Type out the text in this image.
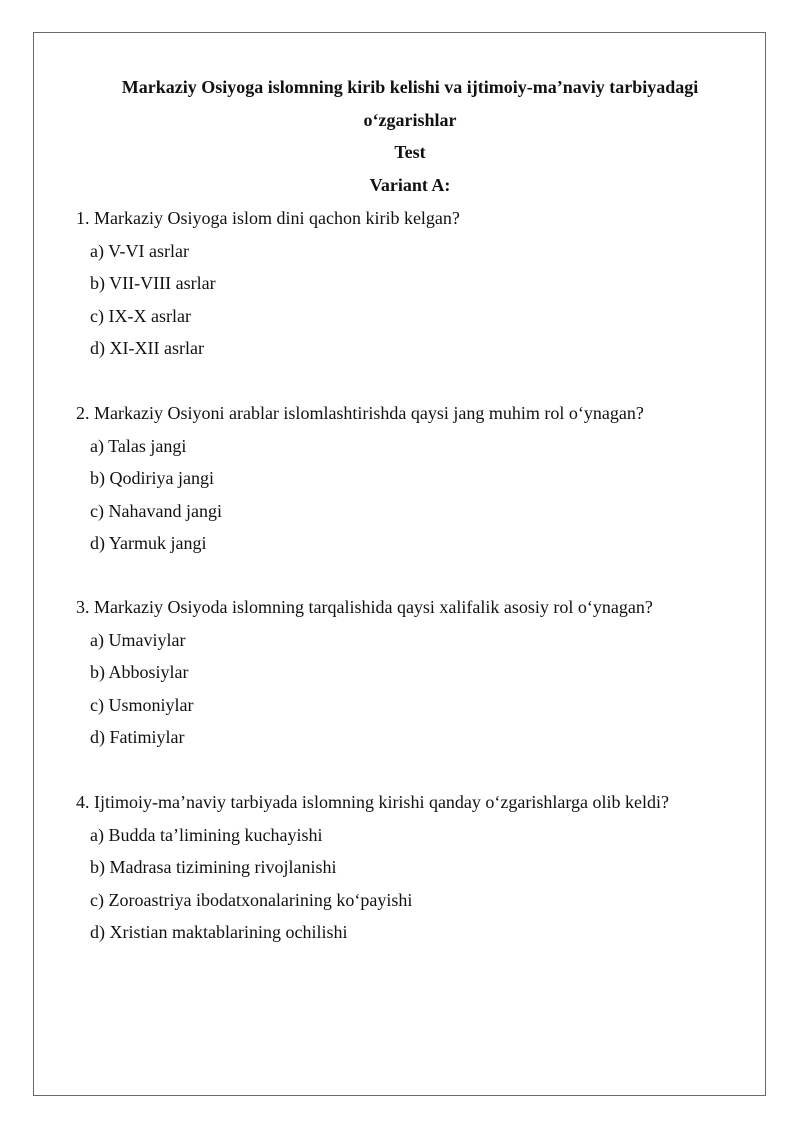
Markaziy Osiyoga islomning kirib kelishi va ijtimoiy-ma’naviy tarbiyadagi
o‘zgarishlar
Test
Variant A:

1. Markaziy Osiyoga islom dini qachon kirib kelgan?

a) V-VI asrlar
b) VII-VIII asrlar
c) IX-X asrlar
d) XI-XII asrlar

2. Markaziy Osiyoni arablar islomlashtirishda qaysi jang muhim rol o‘ynagan?

a) Talas jangi
b) Qodiriya jangi
c) Nahavand jangi
d) Yarmuk jangi

3. Markaziy Osiyoda islomning tarqalishida qaysi xalifalik asosiy rol o‘ynagan?

a) Umaviylar
b) Abbosiylar
c) Usmoniylar
d) Fatimiylar

4. Ijtimoiy-ma’naviy tarbiyada islomning kirishi qanday o‘zgarishlarga olib keldi?

a) Budda ta’limining kuchayishi
b) Madrasa tizimining rivojlanishi
c) Zoroastriya ibodatxonalarining ko‘payishi
d) Xristian maktablarining ochilishi
